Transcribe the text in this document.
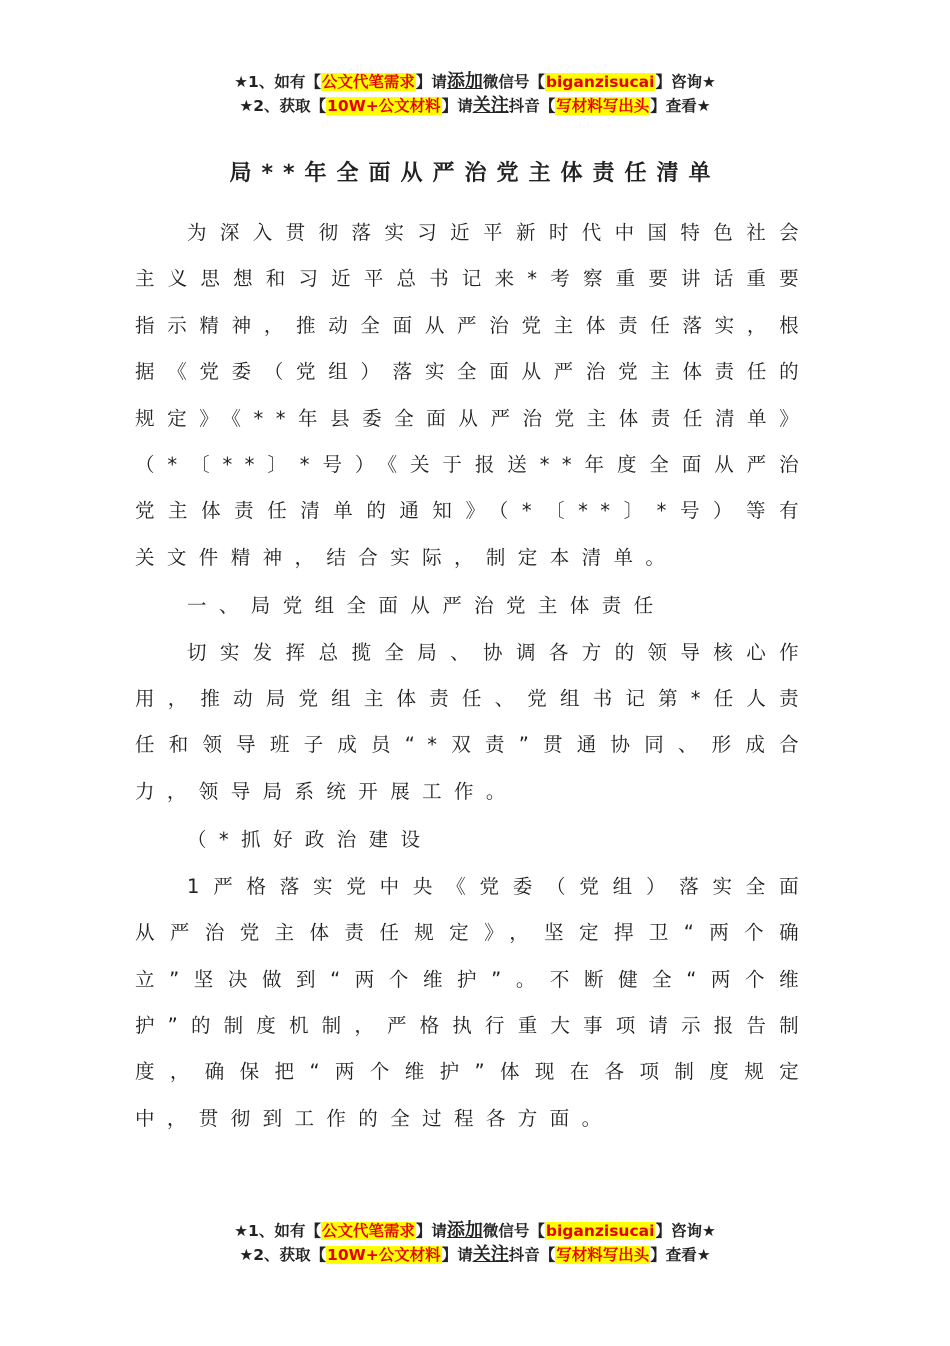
★1、如有【公文代笔需求】请添加微信号【biganzisucai】咨询★
★2、获取【10W+公文材料】请关注抖音【写材料写出头】查看★
局**年全面从严治党主体责任清单

为深入贯彻落实习近平新时代中国特色社会主义思想和习近平总书记来*考察重要讲话重要指示精神，推动全面从严治党主体责任落实，根据《党委（党组）落实全面从严治党主体责任的规定》《**年县委全面从严治党主体责任清单》（*〔**〕*号）《关于报送**年度全面从严治党主体责任清单的通知》（*〔**〕*号）等有关文件精神，结合实际，制定本清单。

一、局党组全面从严治党主体责任

切实发挥总揽全局、协调各方的领导核心作用，推动局党组主体责任、党组书记第*任人责任和领导班子成员“*双责”贯通协同、形成合力，领导局系统开展工作。

（*抓好政治建设

1严格落实党中央《党委（党组）落实全面从严治党主体责任规定》，坚定捍卫“两个确立”坚决做到“两个维护”。不断健全“两个维护”的制度机制，严格执行重大事项请示报告制度，确保把“两个维护”体现在各项制度规定中，贯彻到工作的全过程各方面。

★1、如有【公文代笔需求】请添加微信号【biganzisucai】咨询★
★2、获取【10W+公文材料】请关注抖音【写材料写出头】查看★
